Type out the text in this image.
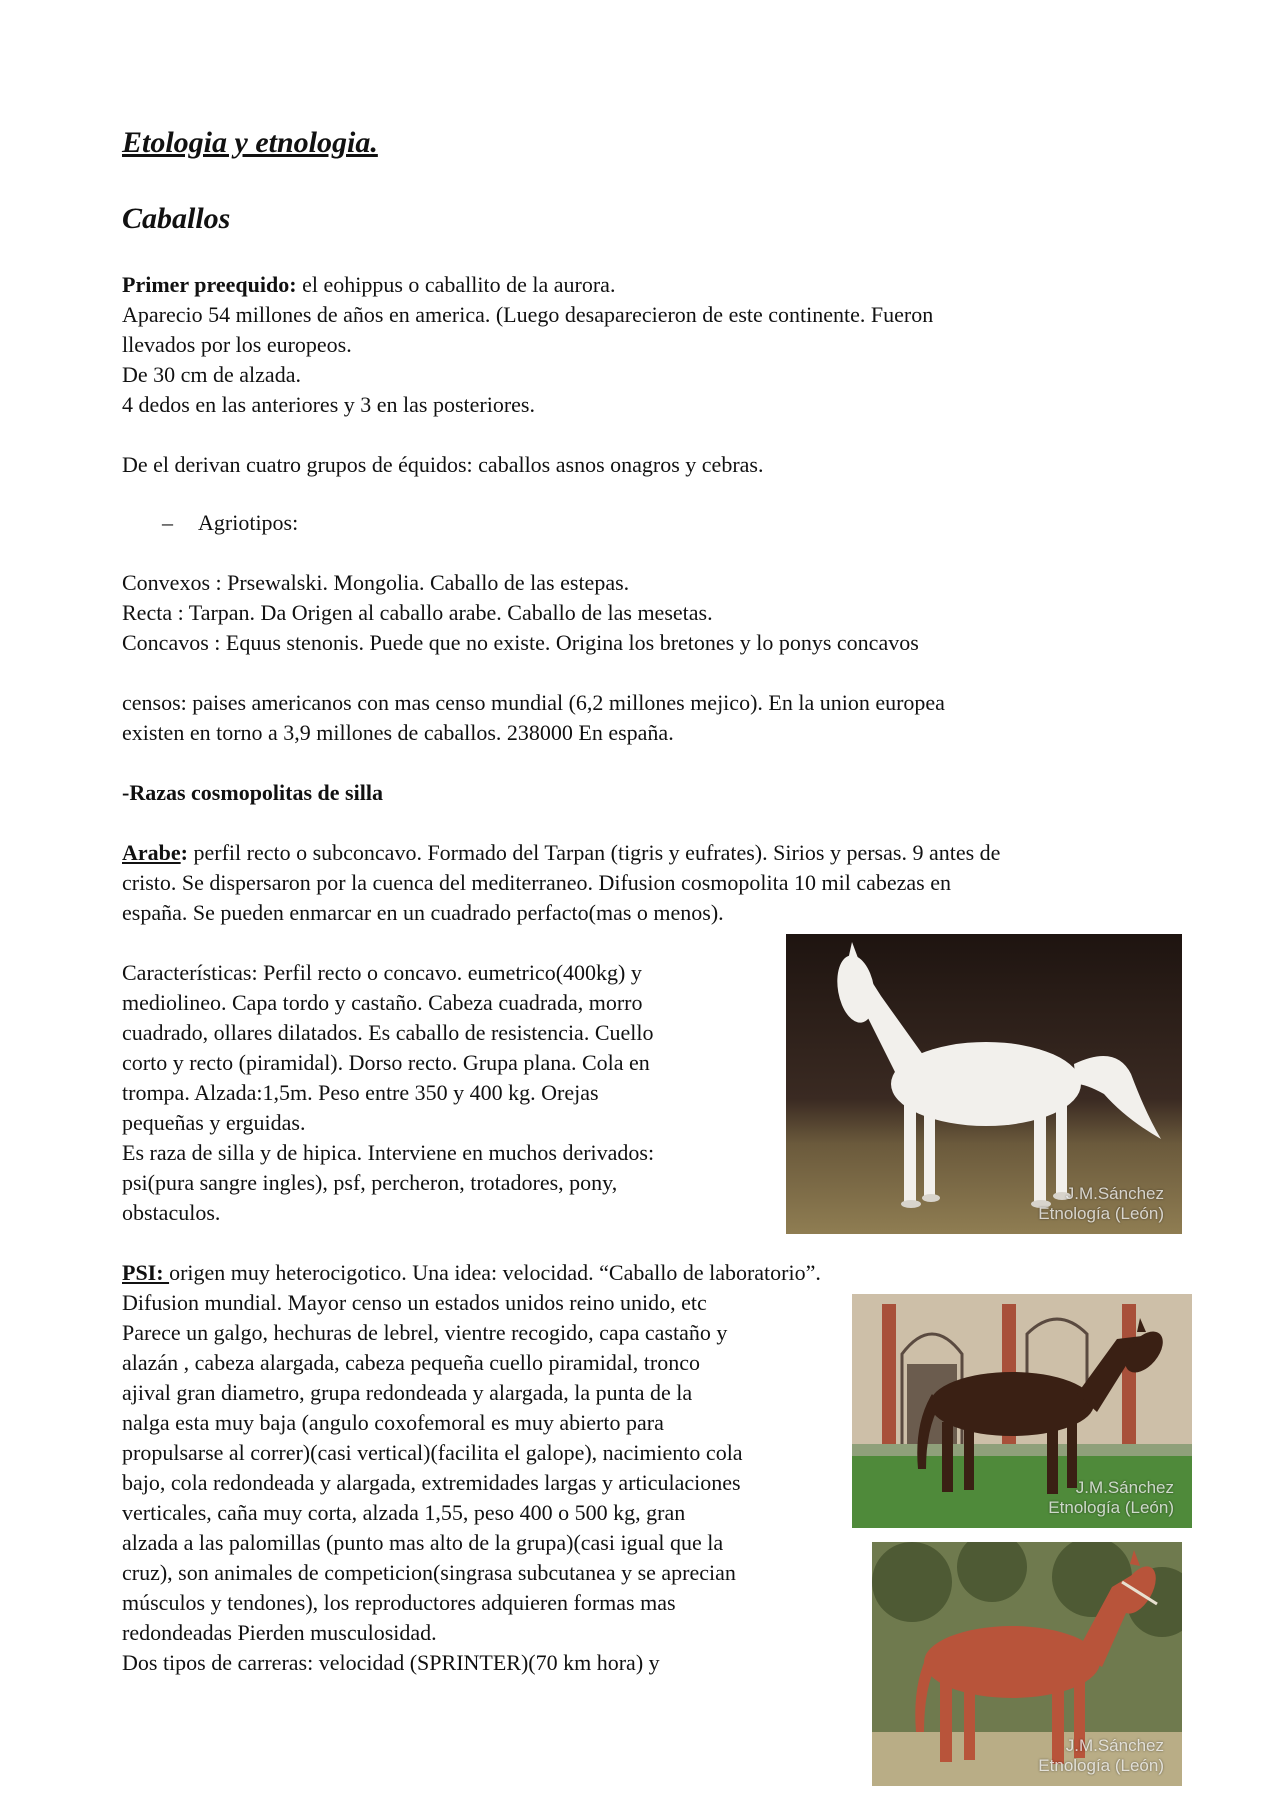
Etologia y etnologia.
Caballos

Primer preequido: el eohippus o caballito de la aurora.

Aparecio 54 millones de años en america. (Luego desaparecieron de este continente. Fueron

llevados por los europeos.

De 30 cm de alzada.

4 dedos en las anteriores y 3 en las posteriores.

De el derivan cuatro grupos de équidos: caballos asnos onagros y cebras.

– Agriotipos:

Convexos : Prsewalski. Mongolia. Caballo de las estepas.

Recta : Tarpan. Da Origen al caballo arabe. Caballo de las mesetas.

Concavos : Equus stenonis. Puede que no existe. Origina los bretones y lo ponys concavos

censos: paises americanos con mas censo mundial (6,2 millones mejico). En la union europea

existen en torno a 3,9 millones de caballos. 238000 En españa.

-Razas cosmopolitas de silla

Arabe: perfil recto o subconcavo. Formado del Tarpan (tigris y eufrates). Sirios y persas. 9 antes de

cristo. Se dispersaron por la cuenca del mediterraneo. Difusion cosmopolita 10 mil cabezas en

españa. Se pueden enmarcar en un cuadrado perfacto(mas o menos).

Características: Perfil recto o concavo. eumetrico(400kg) y

mediolineo. Capa tordo y castaño. Cabeza cuadrada, morro

cuadrado, ollares dilatados. Es caballo de resistencia. Cuello

corto y recto (piramidal). Dorso recto. Grupa plana. Cola en

trompa. Alzada:1,5m. Peso entre 350 y 400 kg. Orejas

pequeñas y erguidas.

Es raza de silla y de hipica. Interviene en muchos derivados:

psi(pura sangre ingles), psf, percheron, trotadores, pony,

obstaculos.

PSI: origen muy heterocigotico. Una idea: velocidad. “Caballo de laboratorio”.

Difusion mundial. Mayor censo un estados unidos reino unido, etc

Parece un galgo, hechuras de lebrel, vientre recogido, capa castaño y

alazán , cabeza alargada, cabeza pequeña cuello piramidal, tronco

ajival gran diametro, grupa redondeada y alargada, la punta de la

nalga esta muy baja (angulo coxofemoral es muy abierto para

propulsarse al correr)(casi vertical)(facilita el galope), nacimiento cola

bajo, cola redondeada y alargada, extremidades largas y articulaciones

verticales, caña muy corta, alzada 1,55, peso 400 o 500 kg, gran

alzada a las palomillas (punto mas alto de la grupa)(casi igual que la

cruz), son animales de competicion(singrasa subcutanea y se aprecian

músculos y tendones), los reproductores adquieren formas mas

redondeadas Pierden musculosidad.

Dos tipos de carreras: velocidad (SPRINTER)(70 km hora) y

J.M.Sánchez
Etnología (León)
J.M.Sánchez
Etnología (León)
J.M.Sánchez
Etnología (León)
